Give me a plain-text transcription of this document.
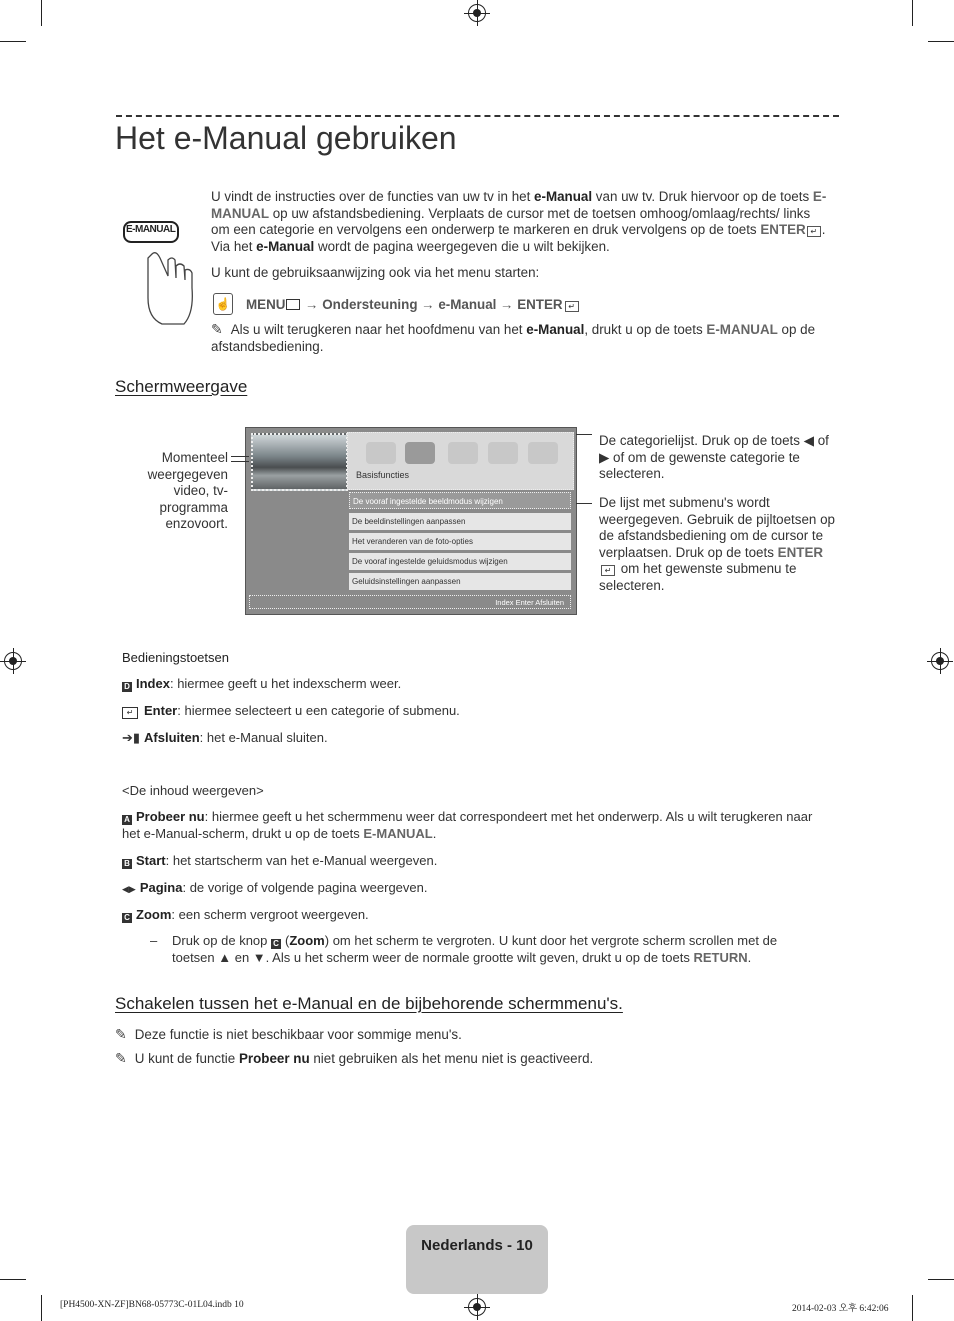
Het e-Manual gebruiken
E-MANUAL
U vindt de instructies over de functies van uw tv in het e-Manual van uw tv. Druk hiervoor op de toets E-MANUAL op uw afstandsbediening. Verplaats de cursor met de toetsen omhoog/omlaag/rechts/ links om een categorie en vervolgens een onderwerp te markeren en druk vervolgens op de toets ENTER ↵ . Via het e-Manual wordt de pagina weergegeven die u wilt bekijken.

U kunt de gebruiksaanwijzing ook via het menu starten:

☝ MENU → Ondersteuning → e-Manual → ENTER ↵
✎ Als u wilt terugkeren naar het hoofdmenu van het e-Manual, drukt u op de toets E-MANUAL op de afstandsbediening.
Schermweergave
Basisfuncties
De vooraf ingestelde beeldmodus wijzigen
De beeldinstellingen aanpassen
Het veranderen van de foto-opties
De vooraf ingestelde geluidsmodus wijzigen
Geluidsinstellingen aanpassen
Index Enter Afsluiten
Momenteel weergegeven video, tv-programma enzovoort.
De categorielijst. Druk op de toets ◀ of ▶ of om de gewenste categorie te selecteren.
De lijst met submenu's wordt weergegeven. Gebruik de pijltoetsen op de afstandsbediening om de cursor te verplaatsen. Druk op de toets ENTER↵ om het gewenste submenu te selecteren.

Bedieningstoetsen

D Index: hiermee geeft u het indexscherm weer.

↵ Enter: hiermee selecteert u een categorie of submenu.

➔▮ Afsluiten: het e-Manual sluiten.

<De inhoud weergeven>

A Probeer nu: hiermee geeft u het schermmenu weer dat correspondeert met het onderwerp. Als u wilt terugkeren naar het e-Manual-scherm, drukt u op de toets E-MANUAL.

B Start: het startscherm van het e-Manual weergeven.

◀▶ Pagina: de vorige of volgende pagina weergeven.

C Zoom: een scherm vergroot weergeven.

– Druk op de knop C (Zoom) om het scherm te vergroten. U kunt door het vergrote scherm scrollen met de toetsen ▲ en ▼. Als u het scherm weer de normale grootte wilt geven, drukt u op de toets RETURN.

Schakelen tussen het e-Manual en de bijbehorende schermmenu's.

✎ Deze functie is niet beschikbaar voor sommige menu's.

✎ U kunt de functie Probeer nu niet gebruiken als het menu niet is geactiveerd.

Nederlands - 10
[PH4500-XN-ZF]BN68-05773C-01L04.indb 10	2014-02-03 오후 6:42:06
